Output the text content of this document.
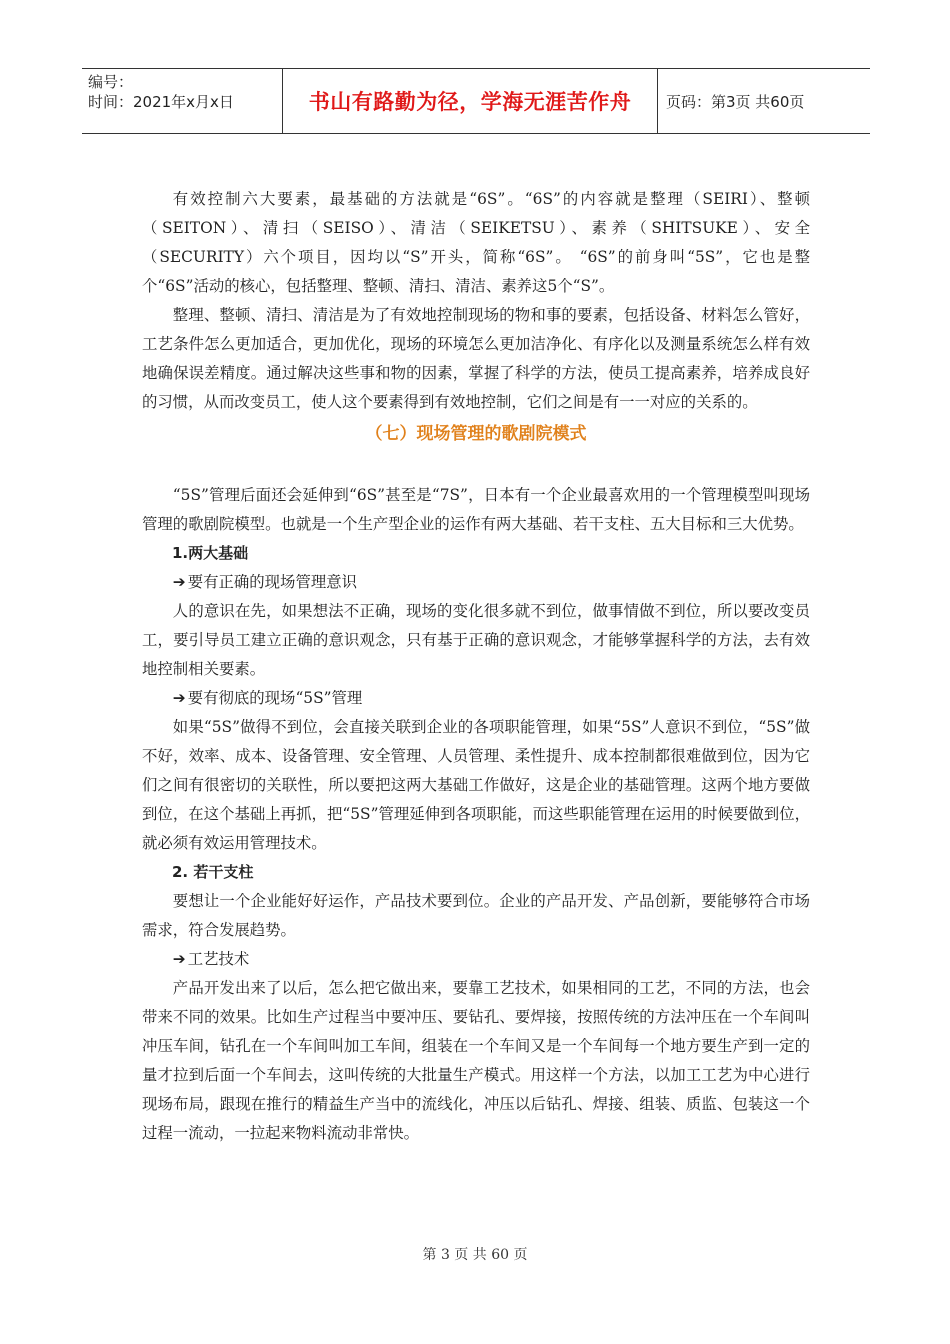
编号：
时间：2021年x月x日	书山有路勤为径，学海无涯苦作舟 页码：第3页 共60页

有效控制六大要素，最基础的方法就是“6S”。“6S”的内容就是整理（SEIRI）、整顿（SEITON）、清扫（SEISO）、清洁（SEIKETSU）、素养（SHITSUKE）、安全（SECURITY）六个项目，因均以“S”开头，简称“6S”。 “6S”的前身叫“5S”，它也是整个“6S”活动的核心，包括整理、整顿、清扫、清洁、素养这5个“S”。

整理、整顿、清扫、清洁是为了有效地控制现场的物和事的要素，包括设备、材料怎么管好，工艺条件怎么更加适合，更加优化，现场的环境怎么更加洁净化、有序化以及测量系统怎么样有效地确保误差精度。通过解决这些事和物的因素，掌握了科学的方法，使员工提高素养，培养成良好的习惯，从而改变员工，使人这个要素得到有效地控制，它们之间是有一一对应的关系的。

（七）现场管理的歌剧院模式

“5S”管理后面还会延伸到“6S”甚至是“7S”，日本有一个企业最喜欢用的一个管理模型叫现场管理的歌剧院模型。也就是一个生产型企业的运作有两大基础、若干支柱、五大目标和三大优势。

1.两大基础

➔ 要有正确的现场管理意识

人的意识在先，如果想法不正确，现场的变化很多就不到位，做事情做不到位，所以要改变员工，要引导员工建立正确的意识观念，只有基于正确的意识观念，才能够掌握科学的方法，去有效地控制相关要素。

➔ 要有彻底的现场“5S”管理

如果“5S”做得不到位，会直接关联到企业的各项职能管理，如果“5S”人意识不到位，“5S”做不好，效率、成本、设备管理、安全管理、人员管理、柔性提升、成本控制都很难做到位，因为它们之间有很密切的关联性，所以要把这两大基础工作做好，这是企业的基础管理。这两个地方要做到位，在这个基础上再抓，把“5S”管理延伸到各项职能，而这些职能管理在运用的时候要做到位，就必须有效运用管理技术。

2. 若干支柱

要想让一个企业能好好运作，产品技术要到位。企业的产品开发、产品创新，要能够符合市场需求，符合发展趋势。

➔ 工艺技术

产品开发出来了以后，怎么把它做出来，要靠工艺技术，如果相同的工艺，不同的方法，也会带来不同的效果。比如生产过程当中要冲压、要钻孔、要焊接，按照传统的方法冲压在一个车间叫冲压车间，钻孔在一个车间叫加工车间，组装在一个车间又是一个车间每一个地方要生产到一定的量才拉到后面一个车间去，这叫传统的大批量生产模式。用这样一个方法，以加工工艺为中心进行现场布局，跟现在推行的精益生产当中的流线化，冲压以后钻孔、焊接、组装、质监、包装这一个过程一流动，一拉起来物料流动非常快。

第 3 页 共 60 页
